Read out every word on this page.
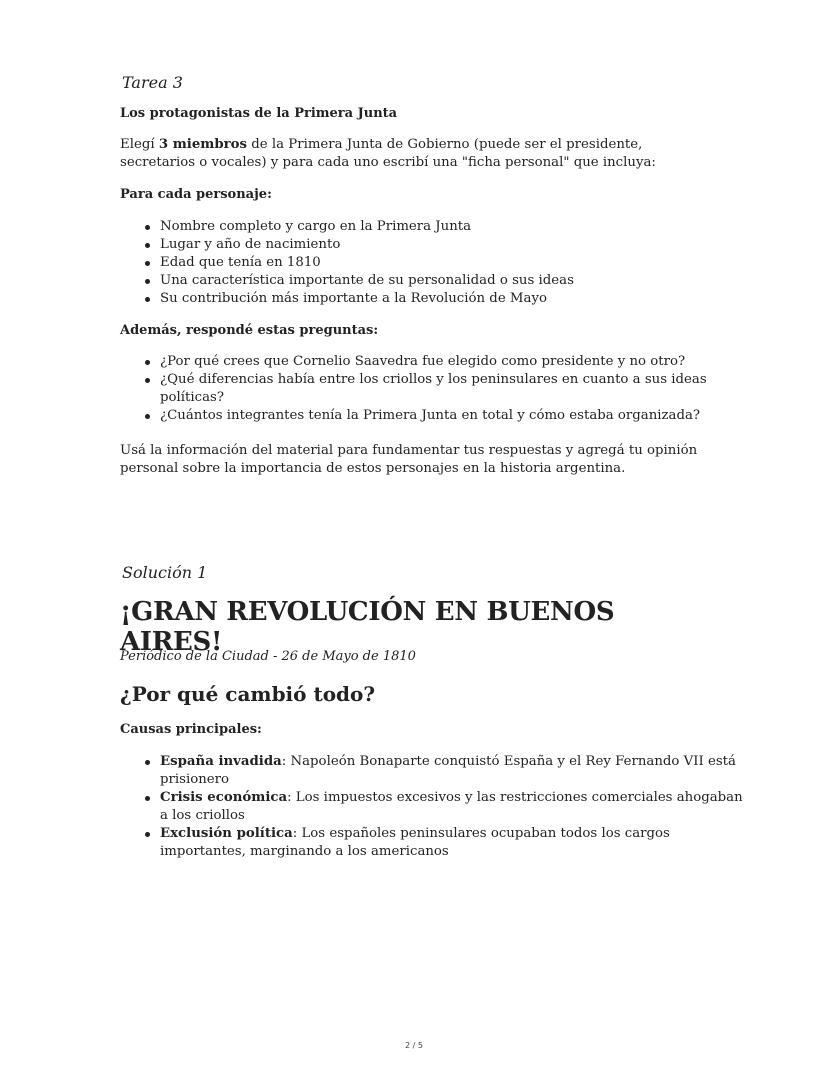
Tarea 3
Los protagonistas de la Primera Junta

Elegí 3 miembros de la Primera Junta de Gobierno (puede ser el presidente, secretarios o vocales) y para cada uno escribí una "ficha personal" que incluya:

Para cada personaje:

Nombre completo y cargo en la Primera Junta
Lugar y año de nacimiento
Edad que tenía en 1810
Una característica importante de su personalidad o sus ideas
Su contribución más importante a la Revolución de Mayo

Además, respondé estas preguntas:

¿Por qué crees que Cornelio Saavedra fue elegido como presidente y no otro?
¿Qué diferencias había entre los criollos y los peninsulares en cuanto a sus ideas políticas?
¿Cuántos integrantes tenía la Primera Junta en total y cómo estaba organizada?

Usá la información del material para fundamentar tus respuestas y agregá tu opinión personal sobre la importancia de estos personajes en la historia argentina.

Solución 1
¡GRAN REVOLUCIÓN EN BUENOS AIRES!

Periódico de la Ciudad - 26 de Mayo de 1810

¿Por qué cambió todo?

Causas principales:

España invadida: Napoleón Bonaparte conquistó España y el Rey Fernando VII está prisionero
Crisis económica: Los impuestos excesivos y las restricciones comerciales ahogaban a los criollos
Exclusión política: Los españoles peninsulares ocupaban todos los cargos importantes, marginando a los americanos
2 / 5
